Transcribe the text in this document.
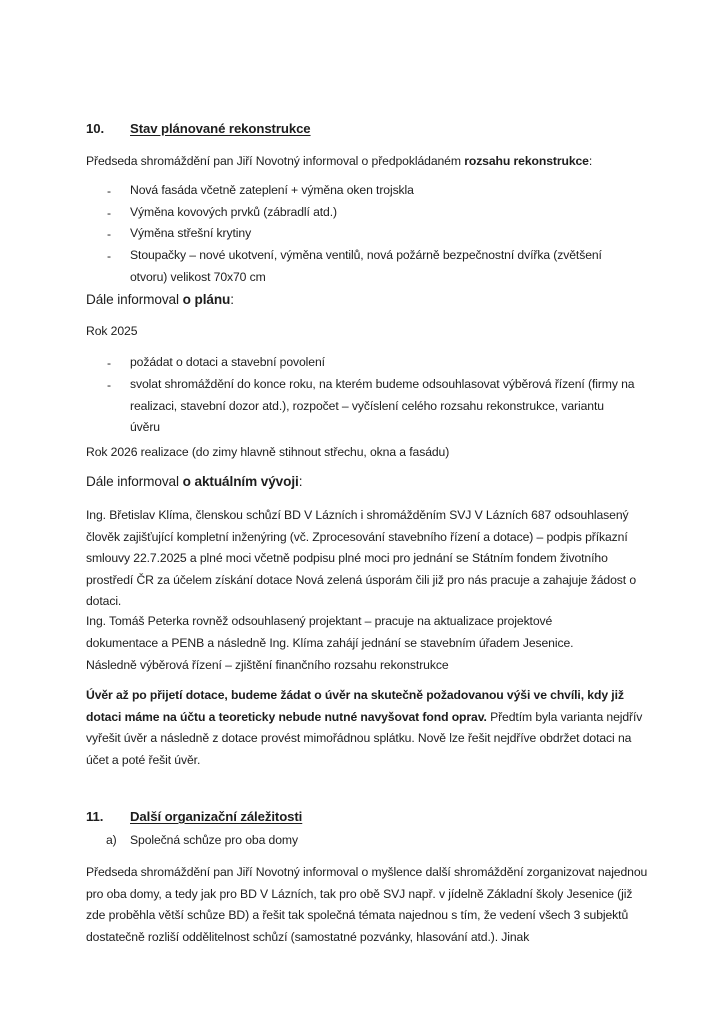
10. Stav plánované rekonstrukce
Předseda shromáždění pan Jiří Novotný informoval o předpokládaném rozsahu rekonstrukce:
- Nová fasáda včetně zateplení + výměna oken trojskla
- Výměna kovových prvků (zábradlí atd.)
- Výměna střešní krytiny
- Stoupačky – nové ukotvení, výměna ventilů, nová požárně bezpečnostní dvířka (zvětšení otvoru) velikost 70x70 cm
Dále informoval o plánu:
Rok 2025
- požádat o dotaci a stavební povolení
- svolat shromáždění do konce roku, na kterém budeme odsouhlasovat výběrová řízení (firmy na realizaci, stavební dozor atd.), rozpočet – vyčíslení celého rozsahu rekonstrukce, variantu úvěru
Rok 2026 realizace (do zimy hlavně stihnout střechu, okna a fasádu)
Dále informoval o aktuálním vývoji:
Ing. Břetislav Klíma, členskou schůzí BD V Lázních i shromážděním SVJ V Lázních 687 odsouhlasený člověk zajišťující kompletní inženýring (vč. Zprocesování stavebního řízení a dotace) – podpis příkazní smlouvy 22.7.2025 a plné moci včetně podpisu plné moci pro jednání se Státním fondem životního prostředí ČR za účelem získání dotace Nová zelená úsporám čili již pro nás pracuje a zahajuje žádost o dotaci.
Ing. Tomáš Peterka rovněž odsouhlasený projektant – pracuje na aktualizace projektové dokumentace a PENB a následně Ing. Klíma zahájí jednání se stavebním úřadem Jesenice.
Následně výběrová řízení – zjištění finančního rozsahu rekonstrukce
Úvěr až po přijetí dotace, budeme žádat o úvěr na skutečně požadovanou výši ve chvíli, kdy již dotaci máme na účtu a teoreticky nebude nutné navyšovat fond oprav. Předtím byla varianta nejdřív vyřešit úvěr a následně z dotace provést mimořádnou splátku. Nově lze řešit nejdříve obdržet dotaci na účet a poté řešit úvěr.
11. Další organizační záležitosti
a) Společná schůze pro oba domy
Předseda shromáždění pan Jiří Novotný informoval o myšlence další shromáždění zorganizovat najednou pro oba domy, a tedy jak pro BD V Lázních, tak pro obě SVJ např. v jídelně Základní školy Jesenice (již zde proběhla větší schůze BD) a řešit tak společná témata najednou s tím, že vedení všech 3 subjektů dostatečně rozliší oddělitelnost schůzí (samostatné pozvánky, hlasování atd.). Jinak
